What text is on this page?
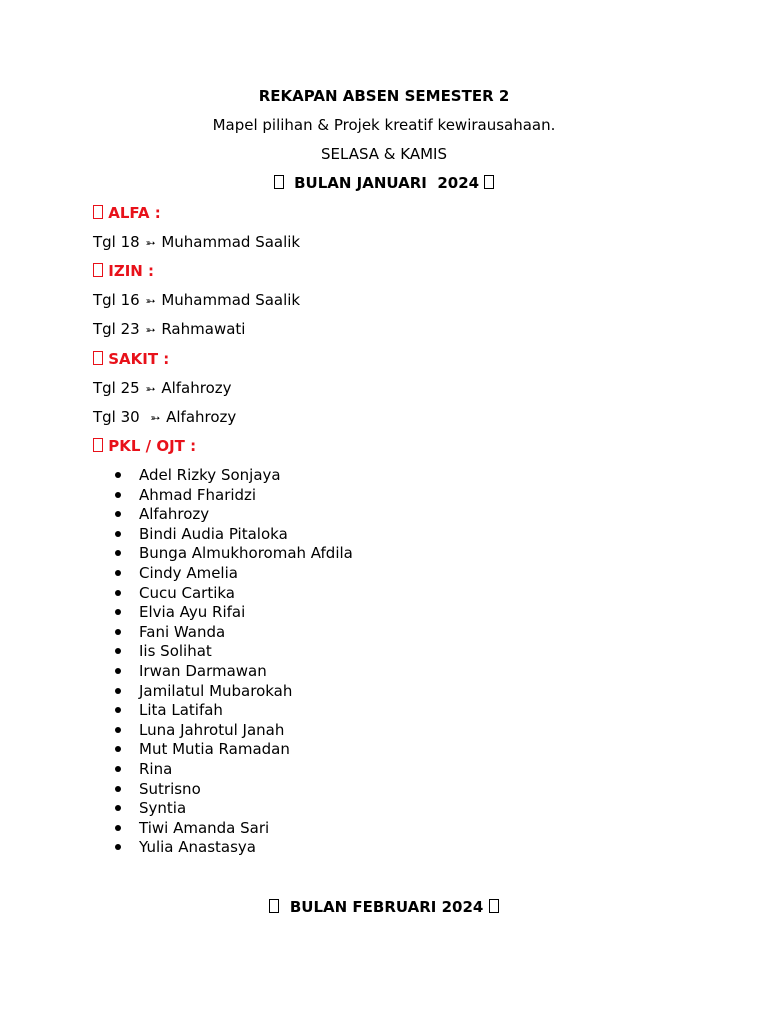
REKAPAN ABSEN SEMESTER 2
Mapel pilihan & Projek kreatif kewirausahaan.
SELASA & KAMIS
BULAN JANUARI  2024
ALFA :
Tgl 18 ➳ Muhammad Saalik
IZIN :
Tgl 16 ➳ Muhammad Saalik
Tgl 23 ➳ Rahmawati
SAKIT :
Tgl 25 ➳ Alfahrozy
Tgl 30  ➳ Alfahrozy
PKL / OJT :
Adel Rizky Sonjaya
Ahmad Fharidzi
Alfahrozy
Bindi Audia Pitaloka
Bunga Almukhoromah Afdila
Cindy Amelia
Cucu Cartika
Elvia Ayu Rifai
Fani Wanda
Iis Solihat
Irwan Darmawan
Jamilatul Mubarokah
Lita Latifah
Luna Jahrotul Janah
Mut Mutia Ramadan
Rina
Sutrisno
Syntia
Tiwi Amanda Sari
Yulia Anastasya
BULAN FEBRUARI 2024
